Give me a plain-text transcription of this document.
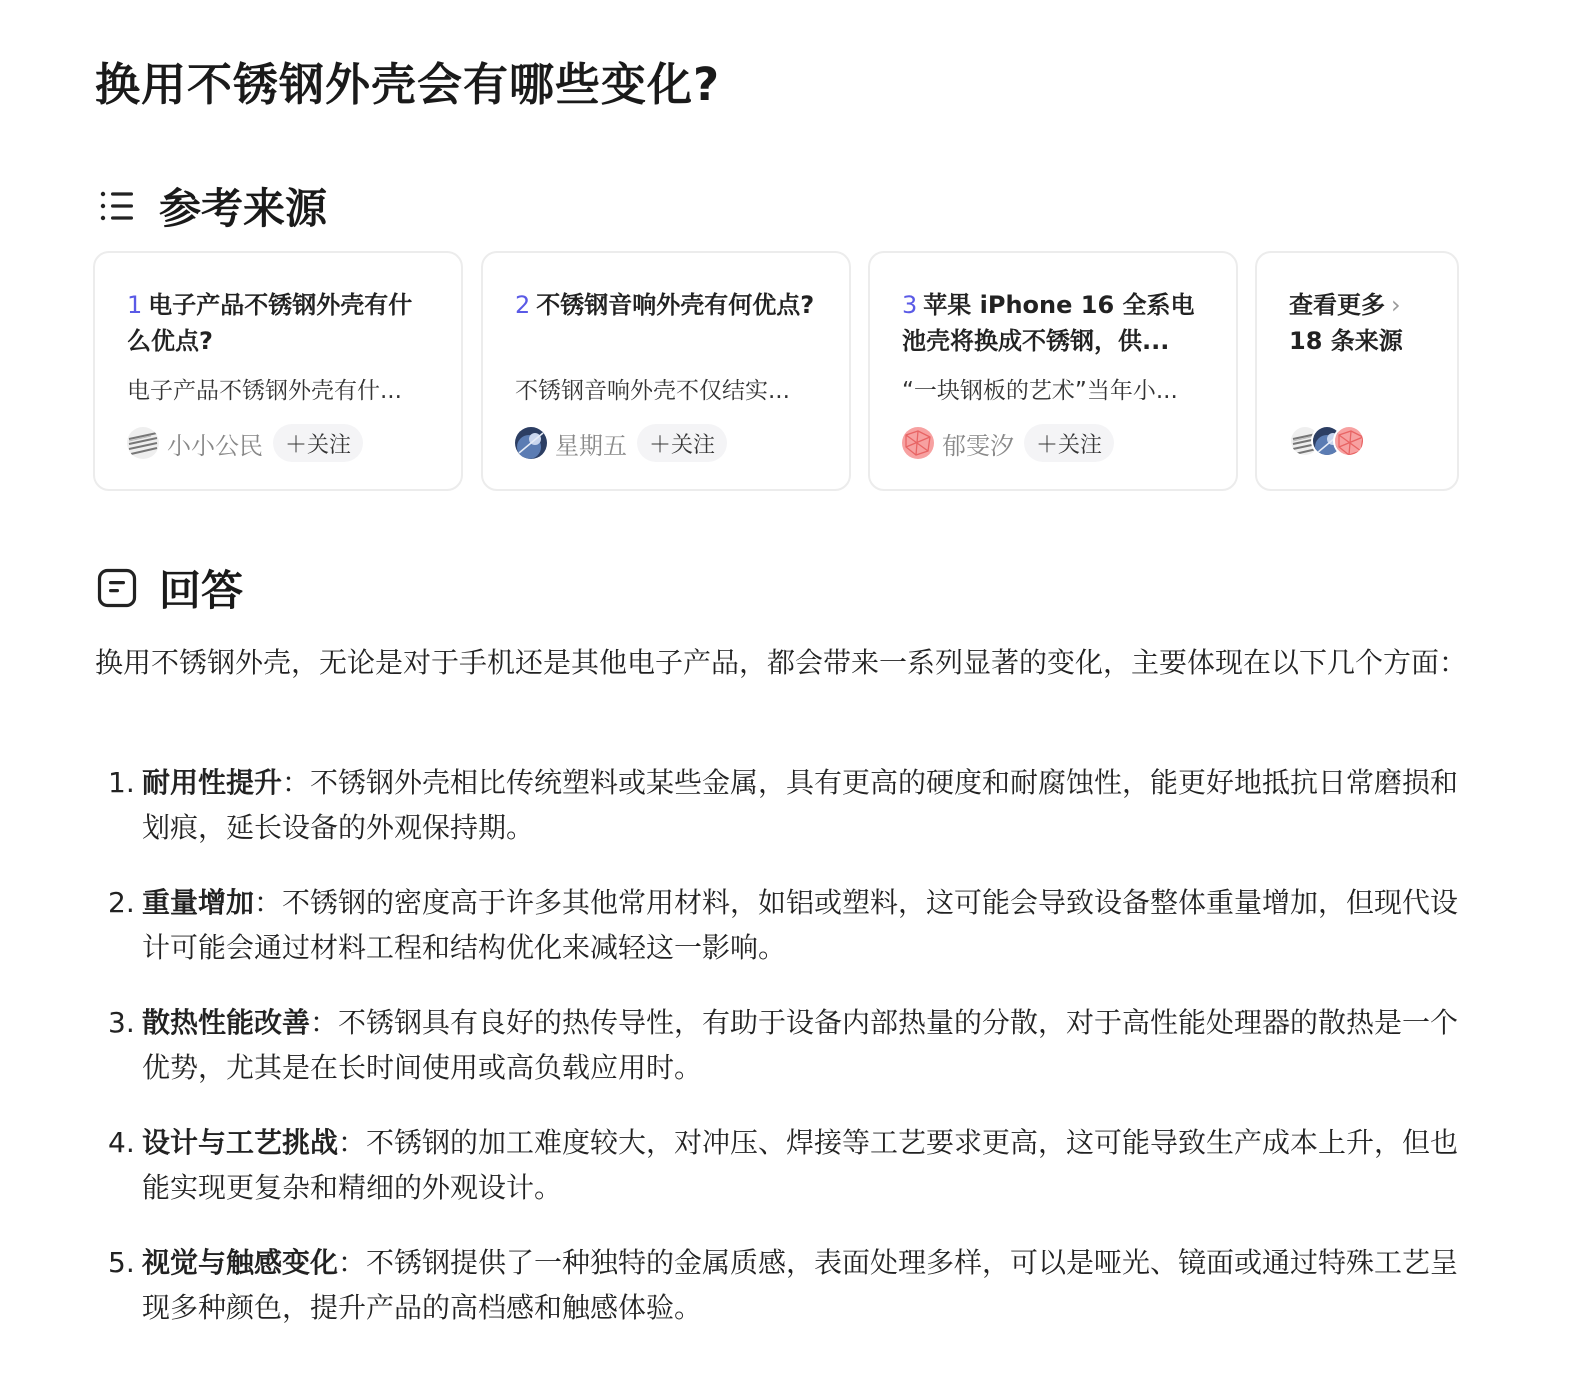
换用不锈钢外壳会有哪些变化?
参考来源
1 电子产品不锈钢外壳有什么优点?
电子产品不锈钢外壳有什...
小小公民	＋关注
2 不锈钢音响外壳有何优点?
不锈钢音响外壳不仅结实...
星期五	＋关注
3 苹果 iPhone 16 全系电池壳将换成不锈钢，供...
“一块钢板的艺术”当年小...
郁雯汐	＋关注
查看更多 ›
18 条来源
回答
换用不锈钢外壳，无论是对于手机还是其他电子产品，都会带来一系列显著的变化，主要体现在以下几个方面：
1. 耐用性提升：不锈钢外壳相比传统塑料或某些金属，具有更高的硬度和耐腐蚀性，能更好地抵抗日常磨损和划痕，延长设备的外观保持期。
2. 重量增加：不锈钢的密度高于许多其他常用材料，如铝或塑料，这可能会导致设备整体重量增加，但现代设计可能会通过材料工程和结构优化来减轻这一影响。
3. 散热性能改善：不锈钢具有良好的热传导性，有助于设备内部热量的分散，对于高性能处理器的散热是一个优势，尤其是在长时间使用或高负载应用时。
4. 设计与工艺挑战：不锈钢的加工难度较大，对冲压、焊接等工艺要求更高，这可能导致生产成本上升，但也能实现更复杂和精细的外观设计。
5. 视觉与触感变化：不锈钢提供了一种独特的金属质感，表面处理多样，可以是哑光、镜面或通过特殊工艺呈现多种颜色，提升产品的高档感和触感体验。
